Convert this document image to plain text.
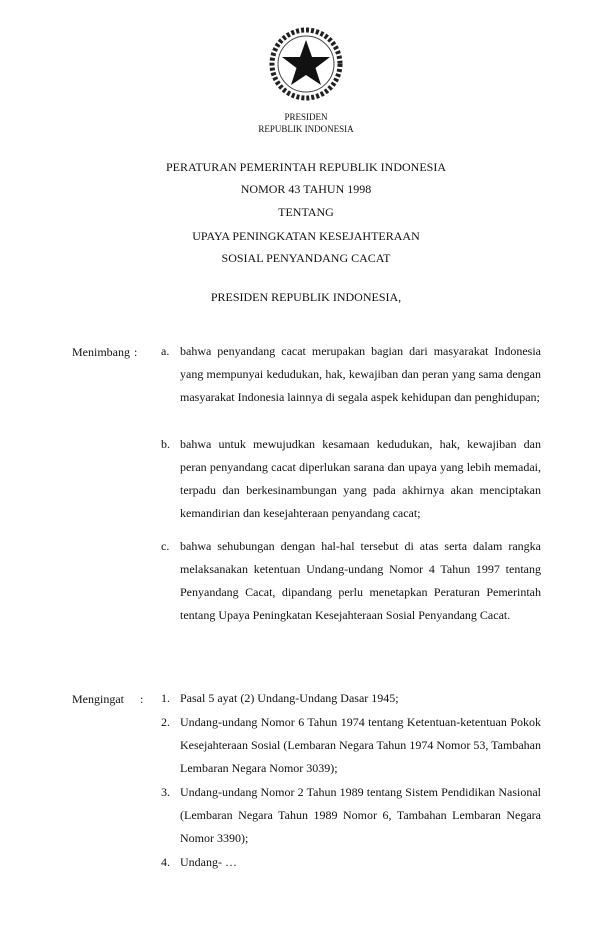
PRESIDEN
REPUBLIK INDONESIA
PERATURAN PEMERINTAH REPUBLIK INDONESIA
NOMOR 43 TAHUN 1998
TENTANG
UPAYA PENINGKATAN KESEJAHTERAAN
SOSIAL PENYANDANG CACAT
PRESIDEN REPUBLIK INDONESIA,
Menimbang : a. bahwa penyandang cacat merupakan bagian dari masyarakat Indonesia yang mempunyai kedudukan, hak, kewajiban dan peran yang sama dengan masyarakat Indonesia lainnya di segala aspek kehidupan dan penghidupan;
b. bahwa untuk mewujudkan kesamaan kedudukan, hak, kewajiban dan peran penyandang cacat diperlukan sarana dan upaya yang lebih memadai, terpadu dan berkesinambungan yang pada akhirnya akan menciptakan kemandirian dan kesejahteraan penyandang cacat;
c. bahwa sehubungan dengan hal-hal tersebut di atas serta dalam rangka melaksanakan ketentuan Undang-undang Nomor 4 Tahun 1997 tentang Penyandang Cacat, dipandang perlu menetapkan Peraturan Pemerintah tentang Upaya Peningkatan Kesejahteraan Sosial Penyandang Cacat.
Mengingat : 1. Pasal 5 ayat (2) Undang-Undang Dasar 1945;
2. Undang-undang Nomor 6 Tahun 1974 tentang Ketentuan-ketentuan Pokok Kesejahteraan Sosial (Lembaran Negara Tahun 1974 Nomor 53, Tambahan Lembaran Negara Nomor 3039);
3. Undang-undang Nomor 2 Tahun 1989 tentang Sistem Pendidikan Nasional (Lembaran Negara Tahun 1989 Nomor 6, Tambahan Lembaran Negara Nomor 3390);
4. Undang- …
